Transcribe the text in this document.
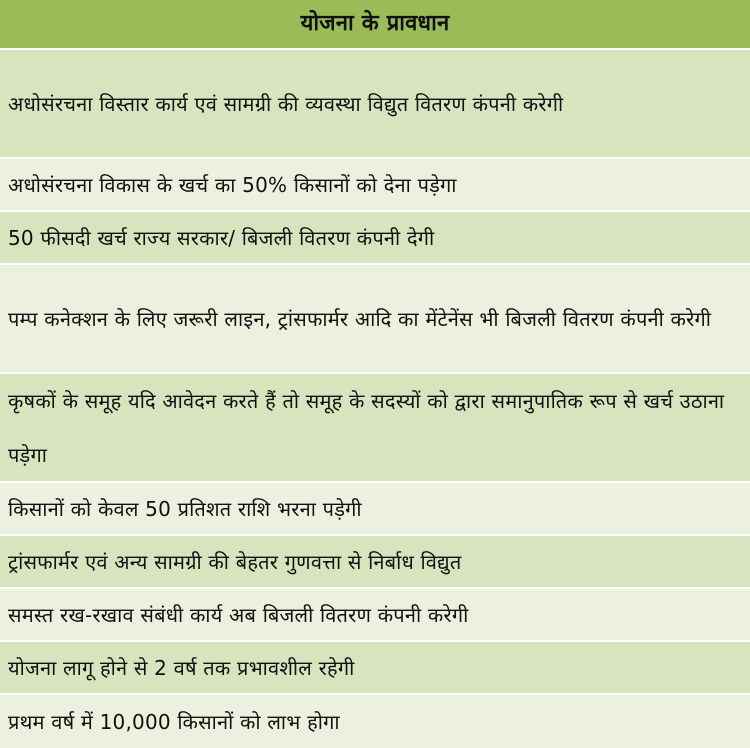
योजना के प्रावधान
अधोसंरचना विस्तार कार्य एवं सामग्री की व्यवस्था विद्युत वितरण कंपनी करेगी
अधोसंरचना विकास के खर्च का 50% किसानों को देना पड़ेगा
50 फीसदी खर्च राज्य सरकार/ बिजली वितरण कंपनी देगी
पम्प कनेक्शन के लिए जरूरी लाइन, ट्रांसफार्मर आदि का मेंटेनेंस भी बिजली वितरण कंपनी करेगी
कृषकों के समूह यदि आवेदन करते हैं तो समूह के सदस्यों को द्वारा समानुपातिक रूप से खर्च उठाना पड़ेगा
किसानों को केवल 50 प्रतिशत राशि भरना पड़ेगी
ट्रांसफार्मर एवं अन्य सामग्री की बेहतर गुणवत्ता से निर्बाध विद्युत
समस्त रख-रखाव संबंधी कार्य अब बिजली वितरण कंपनी करेगी
योजना लागू होने से 2 वर्ष तक प्रभावशील रहेगी
प्रथम वर्ष में 10,000 किसानों को लाभ होगा
